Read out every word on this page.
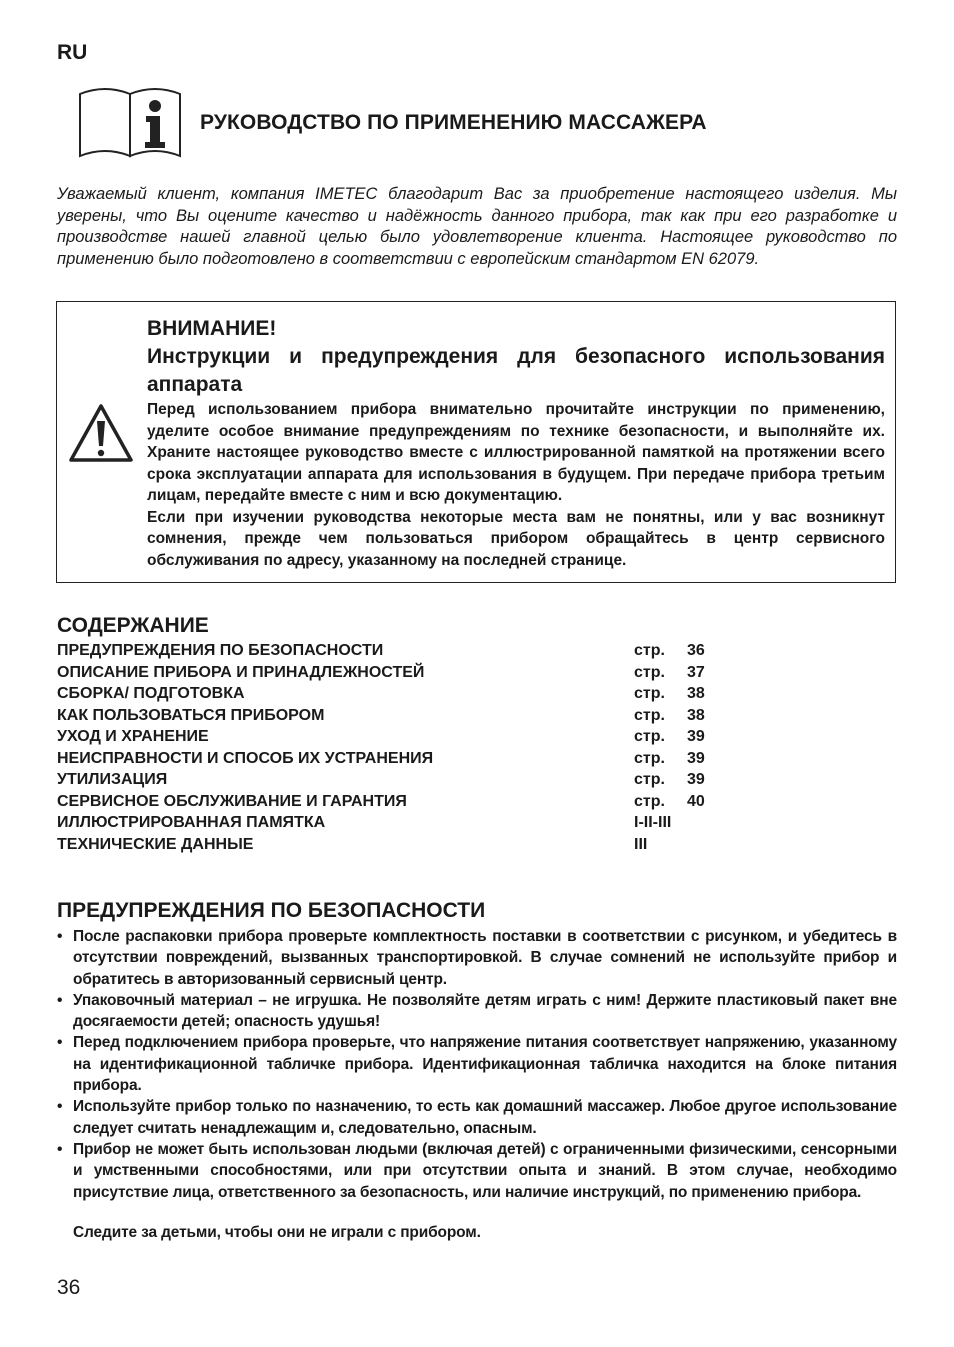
RU
РУКОВОДСТВО ПО ПРИМЕНЕНИЮ МАССАЖЕРА
Уважаемый клиент, компания IMETEC благодарит Вас за приобретение настоящего изделия. Мы уверены, что Вы оцените качество и надёжность данного прибора, так как при его разработке и производстве нашей главной целью было удовлетворение клиента. Настоящее руководство по применению было подготовлено в соответствии с европейским стандартом EN 62079.
ВНИМАНИЕ!
Инструкции и предупреждения для безопасного использования аппарата

Перед использованием прибора внимательно прочитайте инструкции по применению, уделите особое внимание предупреждениям по технике безопасности, и выполняйте их. Храните настоящее руководство вместе с иллюстрированной памяткой на протяжении всего срока эксплуатации аппарата для использования в будущем. При передаче прибора третьим лицам, передайте вместе с ним и всю документацию.

Если при изучении руководства некоторые места вам не понятны, или у вас возникнут сомнения, прежде чем пользоваться прибором обращайтесь в центр сервисного обслуживания по адресу, указанному на последней странице.

СОДЕРЖАНИЕ
ПРЕДУПРЕЖДЕНИЯ ПО БЕЗОПАСНОСТИ	стр. 36
ОПИСАНИЕ ПРИБОРА И ПРИНАДЛЕЖНОСТЕЙ	стр. 37
СБОРКА/ ПОДГОТОВКА	стр. 38
КАК ПОЛЬЗОВАТЬСЯ ПРИБОРОМ	стр. 38
УХОД И ХРАНЕНИЕ	стр. 39
НЕИСПРАВНОСТИ И СПОСОБ ИХ УСТРАНЕНИЯ	стр. 39
УТИЛИЗАЦИЯ	стр. 39
СЕРВИСНОЕ ОБСЛУЖИВАНИЕ И ГАРАНТИЯ	стр. 40
ИЛЛЮСТРИРОВАННАЯ ПАМЯТКА	I-II-III
ТЕХНИЧЕСКИЕ ДАННЫЕ	III
ПРЕДУПРЕЖДЕНИЯ ПО БЕЗОПАСНОСТИ
• После распаковки прибора проверьте комплектность поставки в соответствии с рисунком, и убедитесь в отсутствии повреждений, вызванных транспортировкой. В случае сомнений не используйте прибор и обратитесь в авторизованный сервисный центр.
• Упаковочный материал – не игрушка. Не позволяйте детям играть с ним! Держите пластиковый пакет вне досягаемости детей; опасность удушья!
• Перед подключением прибора проверьте, что напряжение питания соответствует напряжению, указанному на идентификационной табличке прибора. Идентификационная табличка находится на блоке питания прибора.
• Используйте прибор только по назначению, то есть как домашний массажер. Любое другое использование следует считать ненадлежащим и, следовательно, опасным.
• Прибор не может быть использован людьми (включая детей) с ограниченными физическими, сенсорными и умственными способностями, или при отсутствии опыта и знаний. В этом случае, необходимо присутствие лица, ответственного за безопасность, или наличие инструкций, по применению прибора.
Следите за детьми, чтобы они не играли с прибором.
36
